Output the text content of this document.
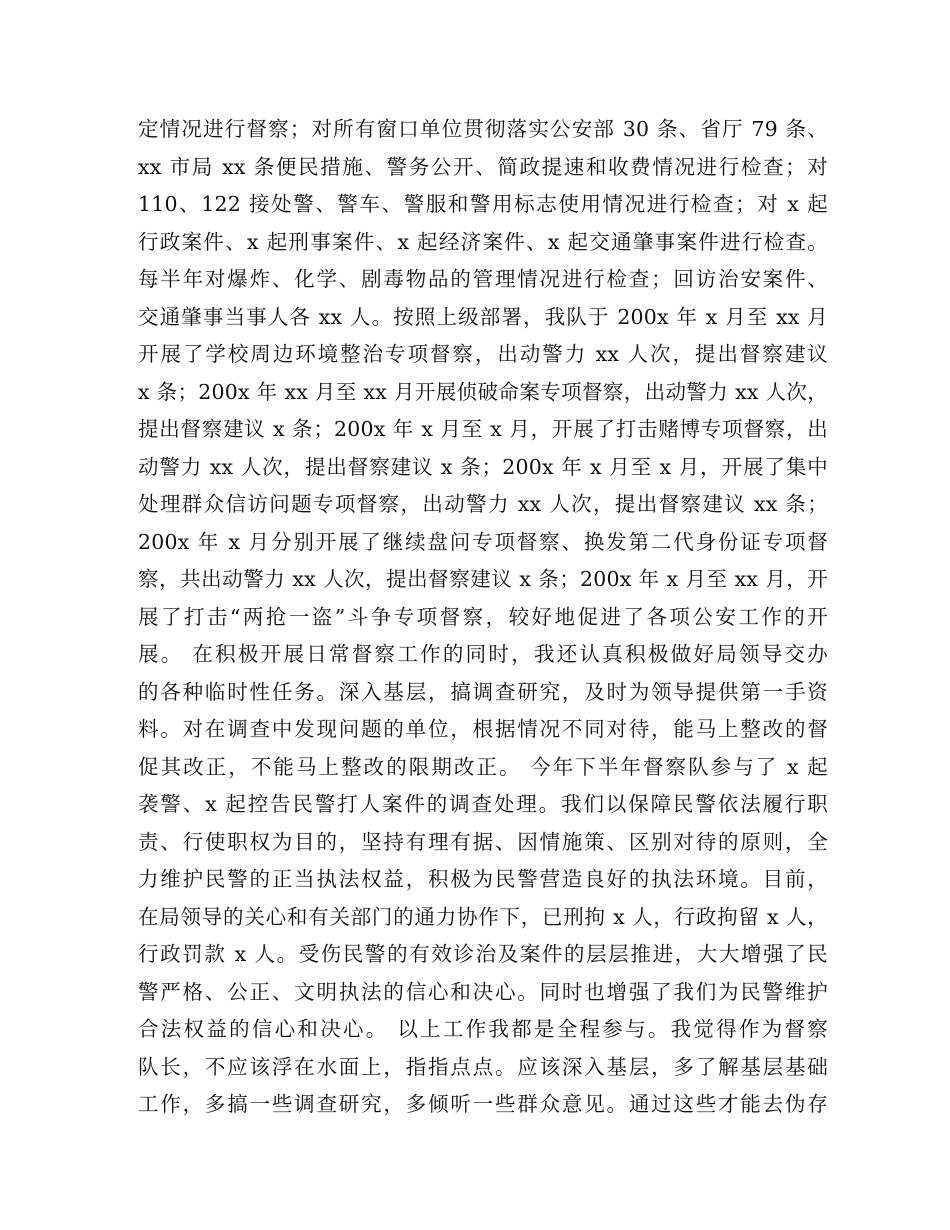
定情况进行督察；对所有窗口单位贯彻落实公安部 30 条、省厅 79 条、
xx 市局 xx 条便民措施、警务公开、简政提速和收费情况进行检查；对
110、122 接处警、警车、警服和警用标志使用情况进行检查；对 x 起
行政案件、x 起刑事案件、x 起经济案件、x 起交通肇事案件进行检查。
每半年对爆炸、化学、剧毒物品的管理情况进行检查；回访治安案件、
交通肇事当事人各 xx 人。按照上级部署，我队于 200x 年 x 月至 xx 月
开展了学校周边环境整治专项督察，出动警力 xx 人次，提出督察建议
x 条；200x 年 xx 月至 xx 月开展侦破命案专项督察，出动警力 xx 人次，
提出督察建议 x 条；200x 年 x 月至 x 月，开展了打击赌博专项督察，出
动警力 xx 人次，提出督察建议 x 条；200x 年 x 月至 x 月，开展了集中
处理群众信访问题专项督察，出动警力 xx 人次，提出督察建议 xx 条；
200x 年 x 月分别开展了继续盘问专项督察、换发第二代身份证专项督
察，共出动警力 xx 人次，提出督察建议 x 条；200x 年 x 月至 xx 月，开
展了打击“两抢一盗”斗争专项督察，较好地促进了各项公安工作的开
展。 在积极开展日常督察工作的同时，我还认真积极做好局领导交办
的各种临时性任务。深入基层，搞调查研究，及时为领导提供第一手资
料。对在调查中发现问题的单位，根据情况不同对待，能马上整改的督
促其改正，不能马上整改的限期改正。 今年下半年督察队参与了 x 起
袭警、x 起控告民警打人案件的调查处理。我们以保障民警依法履行职
责、行使职权为目的，坚持有理有据、因情施策、区别对待的原则，全
力维护民警的正当执法权益，积极为民警营造良好的执法环境。目前，
在局领导的关心和有关部门的通力协作下，已刑拘 x 人，行政拘留 x 人，
行政罚款 x 人。受伤民警的有效诊治及案件的层层推进，大大增强了民
警严格、公正、文明执法的信心和决心。同时也增强了我们为民警维护
合法权益的信心和决心。 以上工作我都是全程参与。我觉得作为督察
队长，不应该浮在水面上，指指点点。应该深入基层，多了解基层基础
工作，多搞一些调查研究，多倾听一些群众意见。通过这些才能去伪存
